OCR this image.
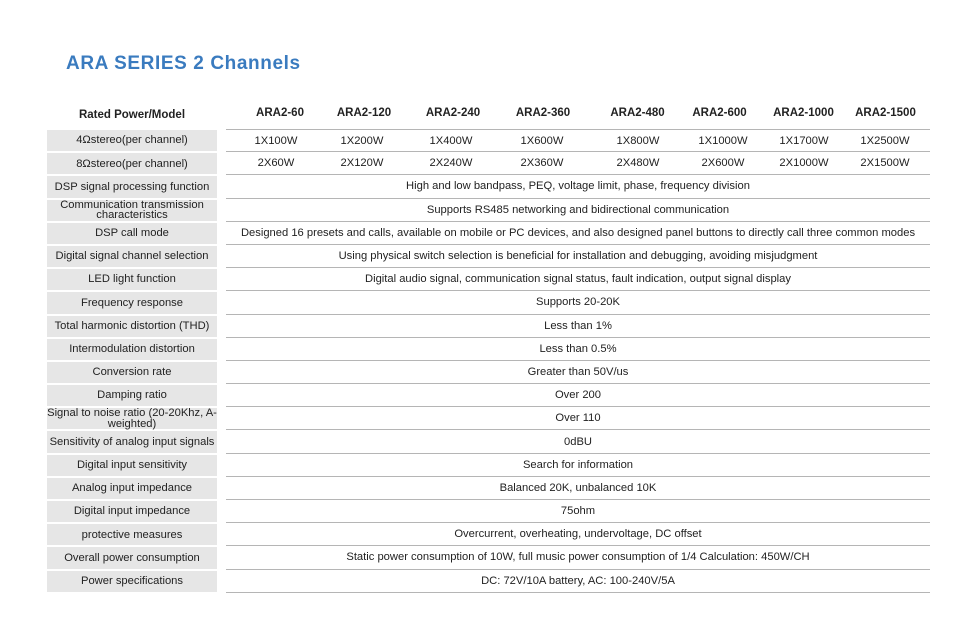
ARA SERIES 2 Channels
Rated Power/Model	ARA2-60	ARA2-120	ARA2-240	ARA2-360	ARA2-480	ARA2-600	ARA2-1000	ARA2-1500
4Ωstereo(per channel)	1X100W	1X200W	1X400W	1X600W	1X800W	1X1000W	1X1700W	1X2500W
8Ωstereo(per channel)	2X60W	2X120W	2X240W	2X360W	2X480W	2X600W	2X1000W	2X1500W
DSP signal processing function	High and low bandpass, PEQ, voltage limit, phase, frequency division
Communication transmission characteristics	Supports RS485 networking and bidirectional communication
DSP call mode	Designed 16 presets and calls, available on mobile or PC devices, and also designed panel buttons to directly call three common modes
Digital signal channel selection	Using physical switch selection is beneficial for installation and debugging, avoiding misjudgment
LED light function	Digital audio signal, communication signal status, fault indication, output signal display
Frequency response	Supports 20-20K
Total harmonic distortion (THD)	Less than 1%
Intermodulation distortion	Less than 0.5%
Conversion rate	Greater than 50V/us
Damping ratio	Over 200
Signal to noise ratio (20-20Khz, A-weighted)	Over 110
Sensitivity of analog input signals	0dBU
Digital input sensitivity	Search for information
Analog input impedance	Balanced 20K, unbalanced 10K
Digital input impedance	75ohm
protective measures	Overcurrent, overheating, undervoltage, DC offset
Overall power consumption	Static power consumption of 10W, full music power consumption of 1/4 Calculation: 450W/CH
Power specifications	DC: 72V/10A battery, AC: 100-240V/5A
